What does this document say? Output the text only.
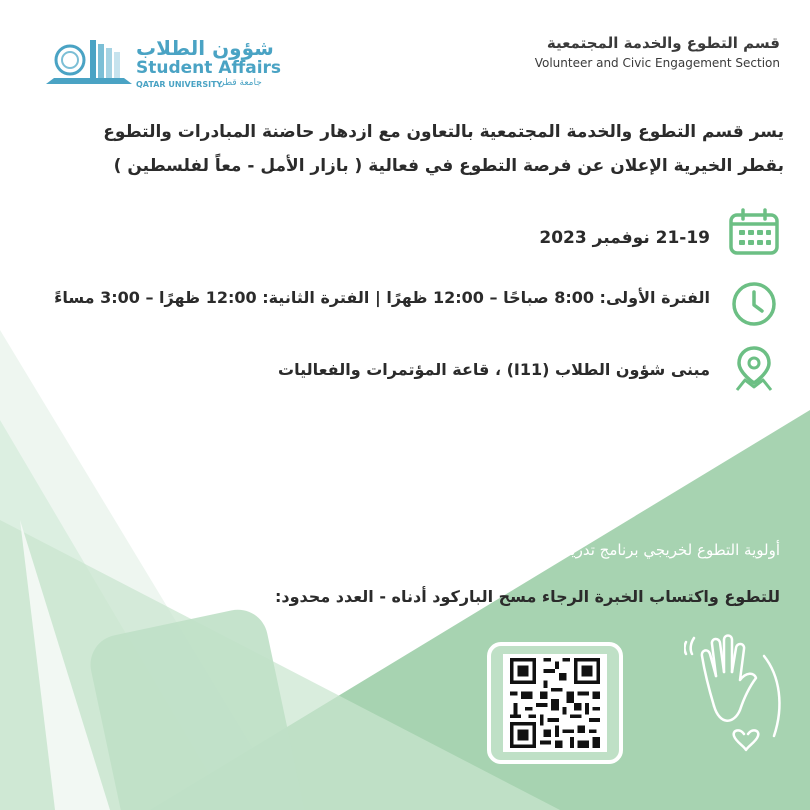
شؤون الطلاب
Student Affairs
QATAR UNIVERSITY
جامعة قطر
قسم التطوع والخدمة المجتمعية
Volunteer and Civic Engagement Section
يسر قسم التطوع والخدمة المجتمعية بالتعاون مع ازدهار حاضنة المبادرات والتطوع
بقطر الخيرية الإعلان عن فرصة التطوع في فعالية ( بازار الأمل - معاً لفلسطين )
21-19 نوفمبر 2023
الفترة الأولى: 8:00 صباحًا – 12:00 ظهرًا | الفترة الثانية: 12:00 ظهرًا – 3:00 مساءً
مبنى شؤون الطلاب (I11) ، قاعة المؤتمرات والفعاليات
أولوية التطوع لخريجي برنامج تدريب المتطوعين
للتطوع واكتساب الخبرة الرجاء مسح الباركود أدناه - العدد محدود:
